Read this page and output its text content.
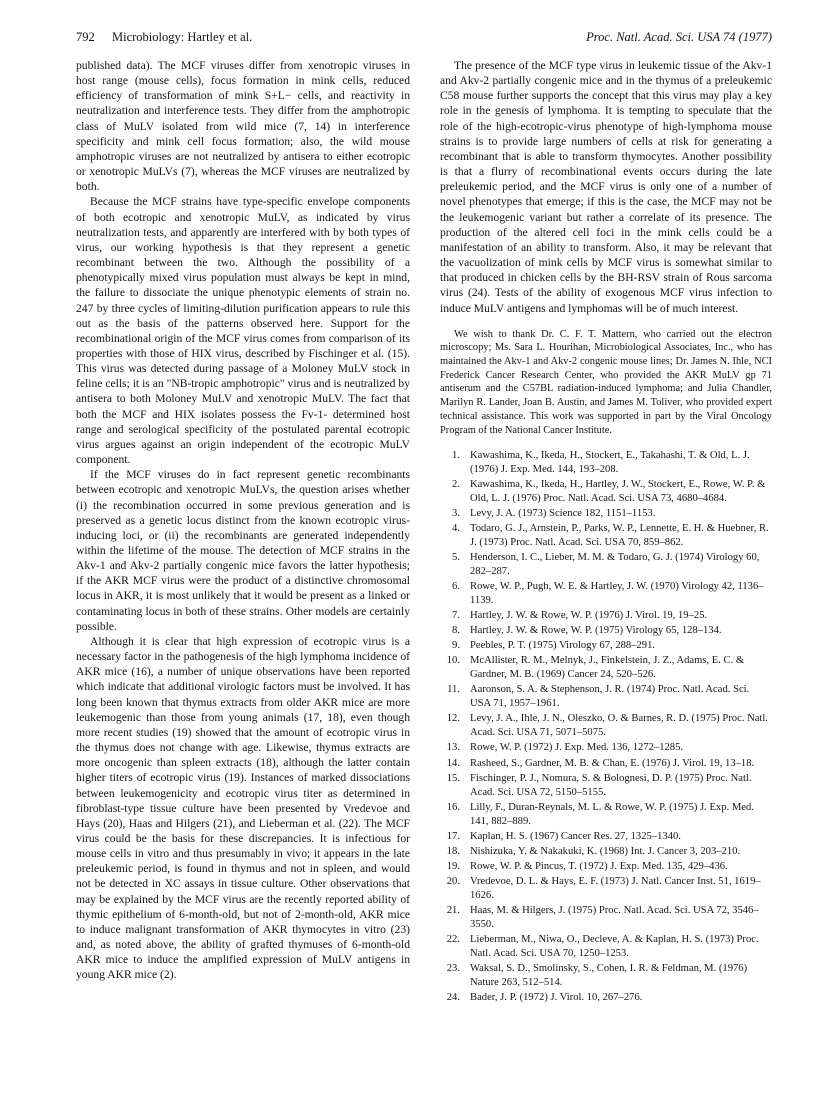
792 Microbiology: Hartley et al.	Proc. Natl. Acad. Sci. USA 74 (1977)

published data). The MCF viruses differ from xenotropic viruses in host range (mouse cells), focus formation in mink cells, reduced efficiency of transformation of mink S+L− cells, and reactivity in neutralization and interference tests. They differ from the amphotropic class of MuLV isolated from wild mice (7, 14) in interference specificity and mink cell focus formation; also, the wild mouse amphotropic viruses are not neutralized by antisera to either ecotropic or xenotropic MuLVs (7), whereas the MCF viruses are neutralized by both.

Because the MCF strains have type-specific envelope components of both ecotropic and xenotropic MuLV, as indicated by virus neutralization tests, and apparently are interfered with by both types of virus, our working hypothesis is that they represent a genetic recombinant between the two. Although the possibility of a phenotypically mixed virus population must always be kept in mind, the failure to dissociate the unique phenotypic elements of strain no. 247 by three cycles of limiting-dilution purification appears to rule this out as the basis of the patterns observed here. Support for the recombinational origin of the MCF virus comes from comparison of its properties with those of HIX virus, described by Fischinger et al. (15). This virus was detected during passage of a Moloney MuLV stock in feline cells; it is an "NB-tropic amphotropic" virus and is neutralized by antisera to both Moloney MuLV and xenotropic MuLV. The fact that both the MCF and HIX isolates possess the Fv-1- determined host range and serological specificity of the postulated parental ecotropic virus argues against an origin independent of the ecotropic MuLV component.

If the MCF viruses do in fact represent genetic recombinants between ecotropic and xenotropic MuLVs, the question arises whether (i) the recombination occurred in some previous generation and is preserved as a genetic locus distinct from the known ecotropic virus-inducing loci, or (ii) the recombinants are generated independently within the lifetime of the mouse. The detection of MCF strains in the Akv-1 and Akv-2 partially congenic mice favors the latter hypothesis; if the AKR MCF virus were the product of a distinctive chromosomal locus in AKR, it is most unlikely that it would be present as a linked or contaminating locus in both of these strains. Other models are certainly possible.

Although it is clear that high expression of ecotropic virus is a necessary factor in the pathogenesis of the high lymphoma incidence of AKR mice (16), a number of unique observations have been reported which indicate that additional virologic factors must be involved. It has long been known that thymus extracts from older AKR mice are more leukemogenic than those from young animals (17, 18), even though more recent studies (19) showed that the amount of ecotropic virus in the thymus does not change with age. Likewise, thymus extracts are more oncogenic than spleen extracts (18), although the latter contain higher titers of ecotropic virus (19). Instances of marked dissociations between leukemogenicity and ecotropic virus titer as determined in fibroblast-type tissue culture have been presented by Vredevoe and Hays (20), Haas and Hilgers (21), and Lieberman et al. (22). The MCF virus could be the basis for these discrepancies. It is infectious for mouse cells in vitro and thus presumably in vivo; it appears in the late preleukemic period, is found in thymus and not in spleen, and would not be detected in XC assays in tissue culture. Other observations that may be explained by the MCF virus are the recently reported ability of thymic epithelium of 6-month-old, but not of 2-month-old, AKR mice to induce malignant transformation of AKR thymocytes in vitro (23) and, as noted above, the ability of grafted thymuses of 6-month-old AKR mice to induce the amplified expression of MuLV antigens in young AKR mice (2).

The presence of the MCF type virus in leukemic tissue of the Akv-1 and Akv-2 partially congenic mice and in the thymus of a preleukemic C58 mouse further supports the concept that this virus may play a key role in the genesis of lymphoma. It is tempting to speculate that the role of the high-ecotropic-virus phenotype of high-lymphoma mouse strains is to provide large numbers of cells at risk for generating a recombinant that is able to transform thymocytes. Another possibility is that a flurry of recombinational events occurs during the late preleukemic period, and the MCF virus is only one of a number of novel phenotypes that emerge; if this is the case, the MCF may not be the leukemogenic variant but rather a correlate of its presence. The production of the altered cell foci in the mink cells could be a manifestation of an ability to transform. Also, it may be relevant that the vacuolization of mink cells by MCF virus is somewhat similar to that produced in chicken cells by the BH-RSV strain of Rous sarcoma virus (24). Tests of the ability of exogenous MCF virus infection to induce MuLV antigens and lymphomas will be of much interest.

We wish to thank Dr. C. F. T. Mattern, who carried out the electron microscopy; Ms. Sara L. Hourihan, Microbiological Associates, Inc., who has maintained the Akv-1 and Akv-2 congenic mouse lines; Dr. James N. Ihle, NCI Frederick Cancer Research Center, who provided the AKR MuLV gp 71 antiserum and the C57BL radiation-induced lymphoma; and Julia Chandler, Marilyn R. Lander, Joan B. Austin, and James M. Toliver, who provided expert technical assistance. This work was supported in part by the Viral Oncology Program of the National Cancer Institute.

1. Kawashima, K., Ikeda, H., Stockert, E., Takahashi, T. & Old, L. J. (1976) J. Exp. Med. 144, 193–208.
2. Kawashima, K., Ikeda, H., Hartley, J. W., Stockert, E., Rowe, W. P. & Old, L. J. (1976) Proc. Natl. Acad. Sci. USA 73, 4680–4684.
3. Levy, J. A. (1973) Science 182, 1151–1153.
4. Todaro, G. J., Arnstein, P., Parks, W. P., Lennette, E. H. & Huebner, R. J. (1973) Proc. Natl. Acad. Sci. USA 70, 859–862.
5. Henderson, I. C., Lieber, M. M. & Todaro, G. J. (1974) Virology 60, 282–287.
6. Rowe, W. P., Pugh, W. E. & Hartley, J. W. (1970) Virology 42, 1136–1139.
7. Hartley, J. W. & Rowe, W. P. (1976) J. Virol. 19, 19–25.
8. Hartley, J. W. & Rowe, W. P. (1975) Virology 65, 128–134.
9. Peebles, P. T. (1975) Virology 67, 288–291.
10. McAllister, R. M., Melnyk, J., Finkelstein, J. Z., Adams, E. C. & Gardner, M. B. (1969) Cancer 24, 520–526.
11. Aaronson, S. A. & Stephenson, J. R. (1974) Proc. Natl. Acad. Sci. USA 71, 1957–1961.
12. Levy, J. A., Ihle, J. N., Oleszko, O. & Barnes, R. D. (1975) Proc. Natl. Acad. Sci. USA 71, 5071–5075.
13. Rowe, W. P. (1972) J. Exp. Med. 136, 1272–1285.
14. Rasheed, S., Gardner, M. B. & Chan, E. (1976) J. Virol. 19, 13–18.
15. Fischinger, P. J., Nomura, S. & Bolognesi, D. P. (1975) Proc. Natl. Acad. Sci. USA 72, 5150–5155.
16. Lilly, F., Duran-Reynals, M. L. & Rowe, W. P. (1975) J. Exp. Med. 141, 882–889.
17. Kaplan, H. S. (1967) Cancer Res. 27, 1325–1340.
18. Nishizuka, Y. & Nakakuki, K. (1968) Int. J. Cancer 3, 203–210.
19. Rowe, W. P. & Pincus, T. (1972) J. Exp. Med. 135, 429–436.
20. Vredevoe, D. L. & Hays, E. F. (1973) J. Natl. Cancer Inst. 51, 1619–1626.
21. Haas, M. & Hilgers, J. (1975) Proc. Natl. Acad. Sci. USA 72, 3546–3550.
22. Lieberman, M., Niwa, O., Decleve, A. & Kaplan, H. S. (1973) Proc. Natl. Acad. Sci. USA 70, 1250–1253.
23. Waksal, S. D., Smolinsky, S., Cohen, I. R. & Feldman, M. (1976) Nature 263, 512–514.
24. Bader, J. P. (1972) J. Virol. 10, 267–276.
